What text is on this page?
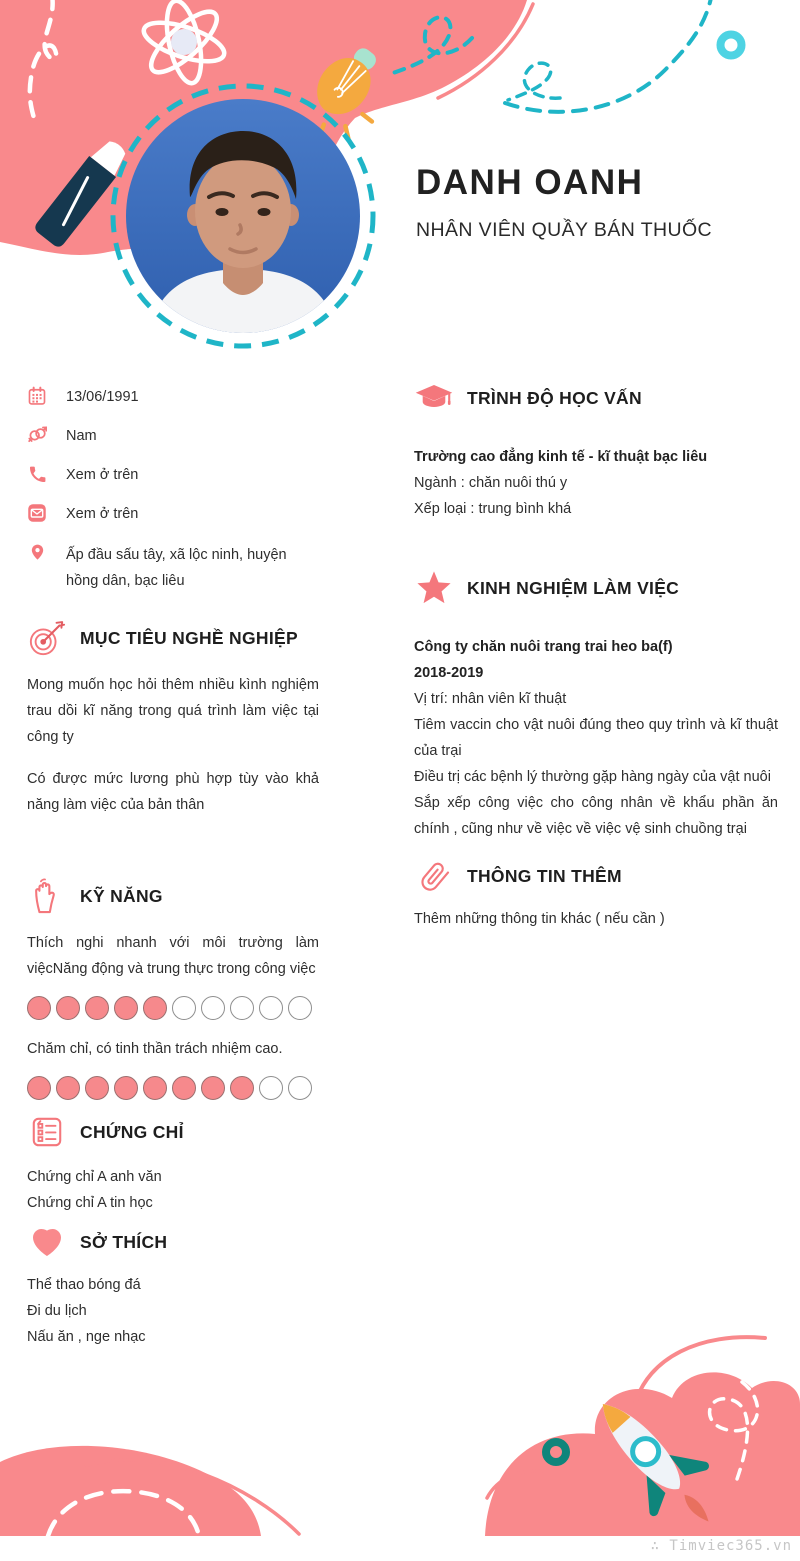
DANH OANH
NHÂN VIÊN QUẦY BÁN THUỐC
13/06/1991
Nam
Xem ở trên
Xem ở trên
Ấp đầu sấu tây, xã lộc ninh, huyện hồng dân, bạc liêu
MỤC TIÊU NGHỀ NGHIỆP

Mong muốn học hỏi thêm nhiều kình nghiệm trau dồi kĩ năng trong quá trình làm việc tại công ty

Có được mức lương phù hợp tùy vào khả năng làm việc của bản thân

KỸ NĂNG

Thích nghi nhanh với môi trường làm việcNăng động và trung thực trong công việc

Chăm chỉ, có tinh thần trách nhiệm cao.

CHỨNG CHỈ

Chứng chỉ A anh văn

Chứng chỉ A tin học

SỞ THÍCH

Thể thao bóng đá

Đi du lịch

Nấu ăn , nge nhạc

TRÌNH ĐỘ HỌC VẤN
Trường cao đẳng kinh tế - kĩ thuật bạc liêu
Ngành : chăn nuôi thú y
Xếp loại : trung bình khá
KINH NGHIỆM LÀM VIỆC
Công ty chăn nuôi trang trai heo ba(f)
2018-2019
Vị trí: nhân viên kĩ thuật
Tiêm vaccin cho vật nuôi đúng theo quy trình và kĩ thuật của trại
Điều trị các bệnh lý thường gặp hàng ngày của vật nuôi
Sắp xếp công việc cho công nhân về khẩu phần ăn chính , cũng như về việc về việc vệ sinh chuồng trại
THÔNG TIN THÊM

Thêm những thông tin khác ( nếu cần )

∴ Timviec365.vn
